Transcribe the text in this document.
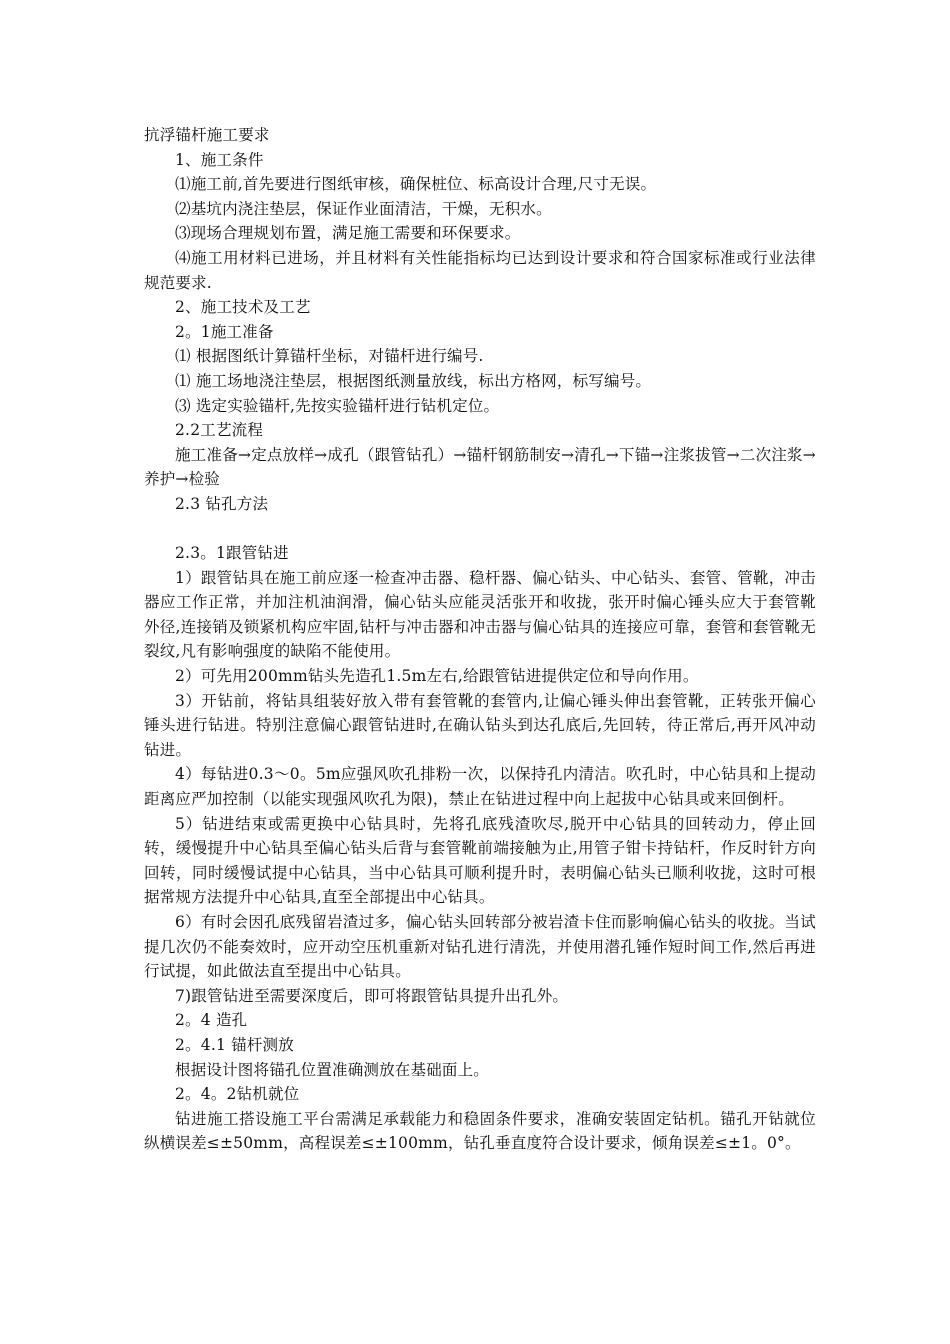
抗浮锚杆施工要求
1、施工条件
⑴施工前,首先要进行图纸审核，确保桩位、标高设计合理,尺寸无误。
⑵基坑内浇注垫层，保证作业面清洁，干燥，无积水。
⑶现场合理规划布置，满足施工需要和环保要求。
⑷施工用材料已进场，并且材料有关性能指标均已达到设计要求和符合国家标准或行业法律规范要求.
2、施工技术及工艺
2。1施工准备
⑴ 根据图纸计算锚杆坐标，对锚杆进行编号.
⑴ 施工场地浇注垫层，根据图纸测量放线，标出方格网，标写编号。
⑶ 选定实验锚杆,先按实验锚杆进行钻机定位。
2.2工艺流程
施工准备→定点放样→成孔（跟管钻孔）→锚杆钢筋制安→清孔→下锚→注浆拔管→二次注浆→养护→检验
2.3 钻孔方法
2.3。1跟管钻进
1）跟管钻具在施工前应逐一检查冲击器、稳杆器、偏心钻头、中心钻头、套管、管靴，冲击器应工作正常，并加注机油润滑，偏心钻头应能灵活张开和收拢，张开时偏心锤头应大于套管靴外径,连接销及锁紧机构应牢固,钻杆与冲击器和冲击器与偏心钻具的连接应可靠，套管和套管靴无裂纹,凡有影响强度的缺陷不能使用。
2）可先用200mm钻头先造孔1.5m左右,给跟管钻进提供定位和导向作用。
3）开钻前，将钻具组装好放入带有套管靴的套管内,让偏心锤头伸出套管靴，正转张开偏心锤头进行钻进。特别注意偏心跟管钻进时,在确认钻头到达孔底后,先回转，待正常后,再开风冲动钻进。
4）每钻进0.3～0。5m应强风吹孔排粉一次，以保持孔内清洁。吹孔时，中心钻具和上提动距离应严加控制（以能实现强风吹孔为限)，禁止在钻进过程中向上起拔中心钻具或来回倒杆。
5）钻进结束或需更换中心钻具时，先将孔底残渣吹尽,脱开中心钻具的回转动力，停止回转，缓慢提升中心钻具至偏心钻头后背与套管靴前端接触为止,用管子钳卡持钻杆，作反时针方向回转，同时缓慢试提中心钻具，当中心钻具可顺利提升时，表明偏心钻头已顺利收拢，这时可根据常规方法提升中心钻具,直至全部提出中心钻具。
6）有时会因孔底残留岩渣过多，偏心钻头回转部分被岩渣卡住而影响偏心钻头的收拢。当试提几次仍不能奏效时，应开动空压机重新对钻孔进行清洗，并使用潜孔锤作短时间工作,然后再进行试提，如此做法直至提出中心钻具。
7)跟管钻进至需要深度后，即可将跟管钻具提升出孔外。
2。4 造孔
2。4.1 锚杆测放
根据设计图将锚孔位置准确测放在基础面上。
2。4。2钻机就位
钻进施工搭设施工平台需满足承载能力和稳固条件要求，准确安装固定钻机。锚孔开钻就位纵横误差≤±50mm，高程误差≤±100mm，钻孔垂直度符合设计要求，倾角误差≤±1。0°。
